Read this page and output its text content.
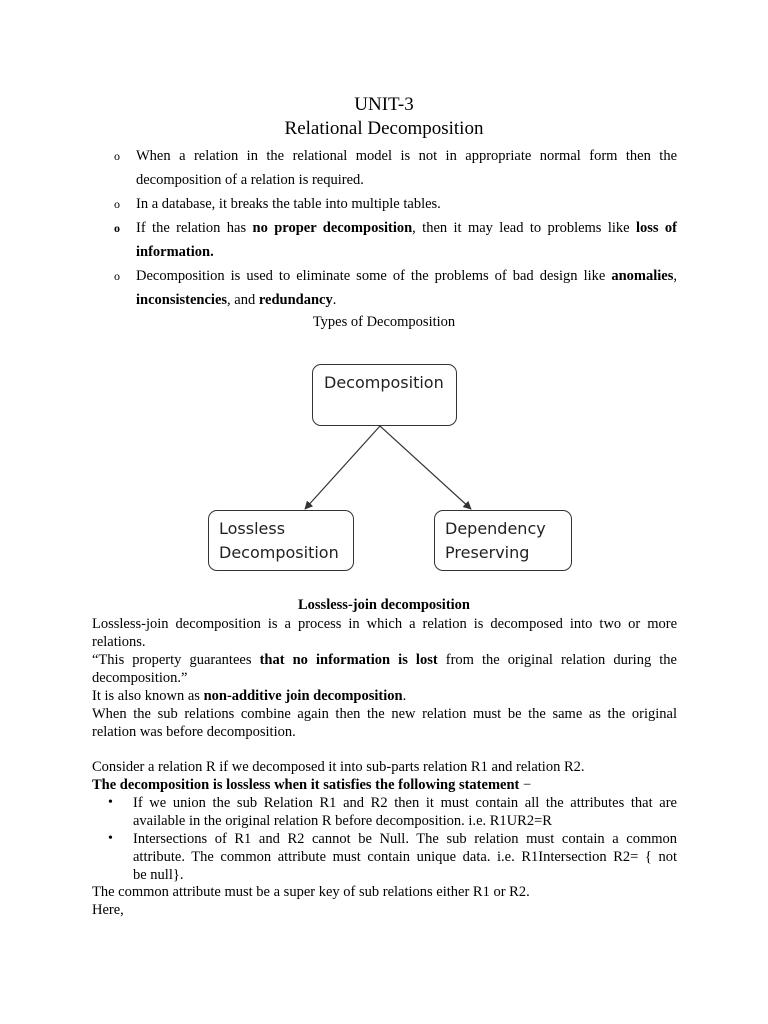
UNIT-3
Relational Decomposition
o When a relation in the relational model is not in appropriate normal form then the
decomposition of a relation is required.
o In a database, it breaks the table into multiple tables.
o If the relation has no proper decomposition, then it may lead to problems like loss of
information.
o Decomposition is used to eliminate some of the problems of bad design like anomalies,
inconsistencies, and redundancy.
Types of Decomposition
Decomposition
Lossless
Decomposition
Dependency
Preserving
Lossless-join decomposition
Lossless-join decomposition is a process in which a relation is decomposed into two or more
relations.
“This property guarantees that no information is lost from the original relation during the
decomposition.”
It is also known as non-additive join decomposition.
When the sub relations combine again then the new relation must be the same as the original
relation was before decomposition.
Consider a relation R if we decomposed it into sub-parts relation R1 and relation R2.
The decomposition is lossless when it satisfies the following statement −
• If we union the sub Relation R1 and R2 then it must contain all the attributes that are
available in the original relation R before decomposition. i.e. R1UR2=R
• Intersections of R1 and R2 cannot be Null. The sub relation must contain a common
attribute. The common attribute must contain unique data. i.e. R1Intersection R2= { not
be null}.
The common attribute must be a super key of sub relations either R1 or R2.
Here,
